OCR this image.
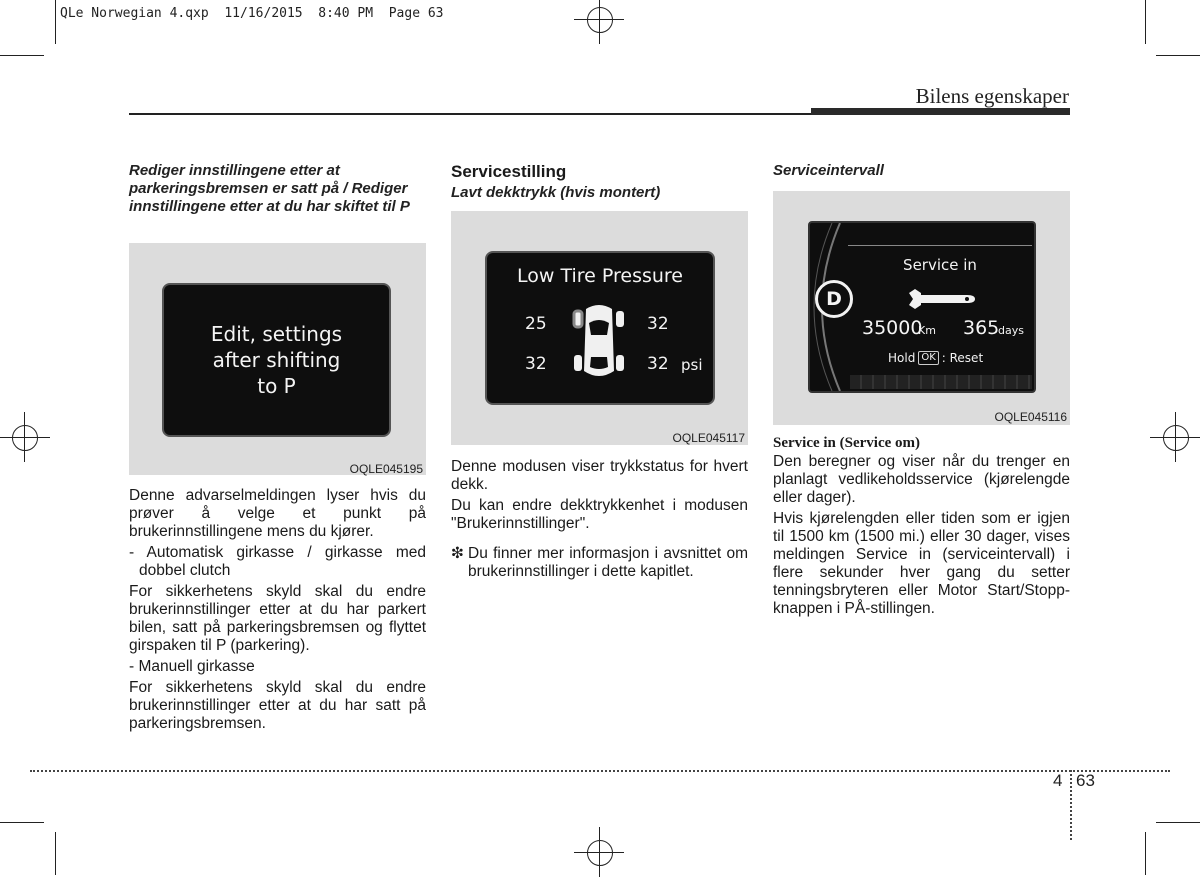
QLe Norwegian 4.qxp  11/16/2015  8:40 PM  Page 63
Bilens egenskaper

Rediger innstillingene etter at parkeringsbremsen er satt på / Rediger innstillingene etter at du har skiftet til P

Edit, settings
after shifting
to P
OQLE045195

Denne advarselmeldingen lyser hvis du prøver å velge et punkt på brukerinnstillingene mens du kjører.

- Automatisk girkasse / girkasse med dobbel clutch

For sikkerhetens skyld skal du endre brukerinnstillinger etter at du har parkert bilen, satt på parkeringsbremsen og flyttet girspaken til P (parkering).

- Manuell girkasse

For sikkerhetens skyld skal du endre brukerinnstillinger etter at du har satt på parkeringsbremsen.

Servicestilling

Lavt dekktrykk (hvis montert)

Low Tire Pressure
25	32
32	32 psi
OQLE045117

Denne modusen viser trykkstatus for hvert dekk.

Du kan endre dekktrykkenhet i modusen "Brukerinnstillinger".

❇ Du finner mer informasjon i avsnittet om brukerinnstillinger i dette kapitlet.

Serviceintervall

D
Service in
35000
Km 365
days
Hold OK : Reset
OQLE045116

Service in (Service om)

Den beregner og viser når du trenger en planlagt vedlikeholdsservice (kjørelengde eller dager).

Hvis kjørelengden eller tiden som er igjen til 1500 km (1500 mi.) eller 30 dager, vises meldingen Service in (serviceintervall) i flere sekunder hver gang du setter tenningsbryteren eller Motor Start/Stopp-knappen i PÅ-stillingen.

4 63
